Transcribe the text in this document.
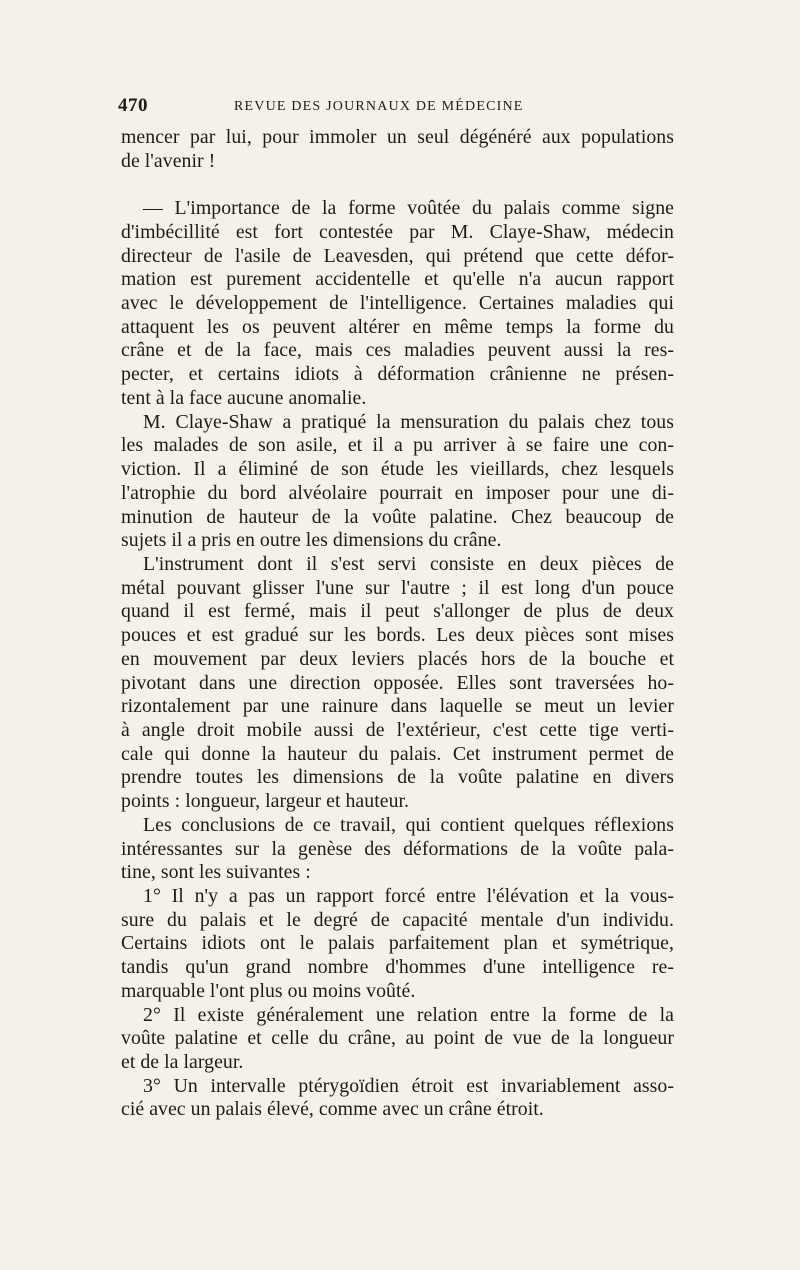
470	REVUE DES JOURNAUX DE MÉDECINE
mencer par lui, pour immoler un seul dégénéré aux populations
de l'avenir !
— L'importance de la forme voûtée du palais comme signe
d'imbécillité est fort contestée par M. Claye-Shaw, médecin
directeur de l'asile de Leavesden, qui prétend que cette défor-
mation est purement accidentelle et qu'elle n'a aucun rapport
avec le développement de l'intelligence. Certaines maladies qui
attaquent les os peuvent altérer en même temps la forme du
crâne et de la face, mais ces maladies peuvent aussi la res-
pecter, et certains idiots à déformation crânienne ne présen-
tent à la face aucune anomalie.
M. Claye-Shaw a pratiqué la mensuration du palais chez tous
les malades de son asile, et il a pu arriver à se faire une con-
viction. Il a éliminé de son étude les vieillards, chez lesquels
l'atrophie du bord alvéolaire pourrait en imposer pour une di-
minution de hauteur de la voûte palatine. Chez beaucoup de
sujets il a pris en outre les dimensions du crâne.
L'instrument dont il s'est servi consiste en deux pièces de
métal pouvant glisser l'une sur l'autre ; il est long d'un pouce
quand il est fermé, mais il peut s'allonger de plus de deux
pouces et est gradué sur les bords. Les deux pièces sont mises
en mouvement par deux leviers placés hors de la bouche et
pivotant dans une direction opposée. Elles sont traversées ho-
rizontalement par une rainure dans laquelle se meut un levier
à angle droit mobile aussi de l'extérieur, c'est cette tige verti-
cale qui donne la hauteur du palais. Cet instrument permet de
prendre toutes les dimensions de la voûte palatine en divers
points : longueur, largeur et hauteur.
Les conclusions de ce travail, qui contient quelques réflexions
intéressantes sur la genèse des déformations de la voûte pala-
tine, sont les suivantes :
1° Il n'y a pas un rapport forcé entre l'élévation et la vous-
sure du palais et le degré de capacité mentale d'un individu.
Certains idiots ont le palais parfaitement plan et symétrique,
tandis qu'un grand nombre d'hommes d'une intelligence re-
marquable l'ont plus ou moins voûté.
2° Il existe généralement une relation entre la forme de la
voûte palatine et celle du crâne, au point de vue de la longueur
et de la largeur.
3° Un intervalle ptérygoïdien étroit est invariablement asso-
cié avec un palais élevé, comme avec un crâne étroit.
